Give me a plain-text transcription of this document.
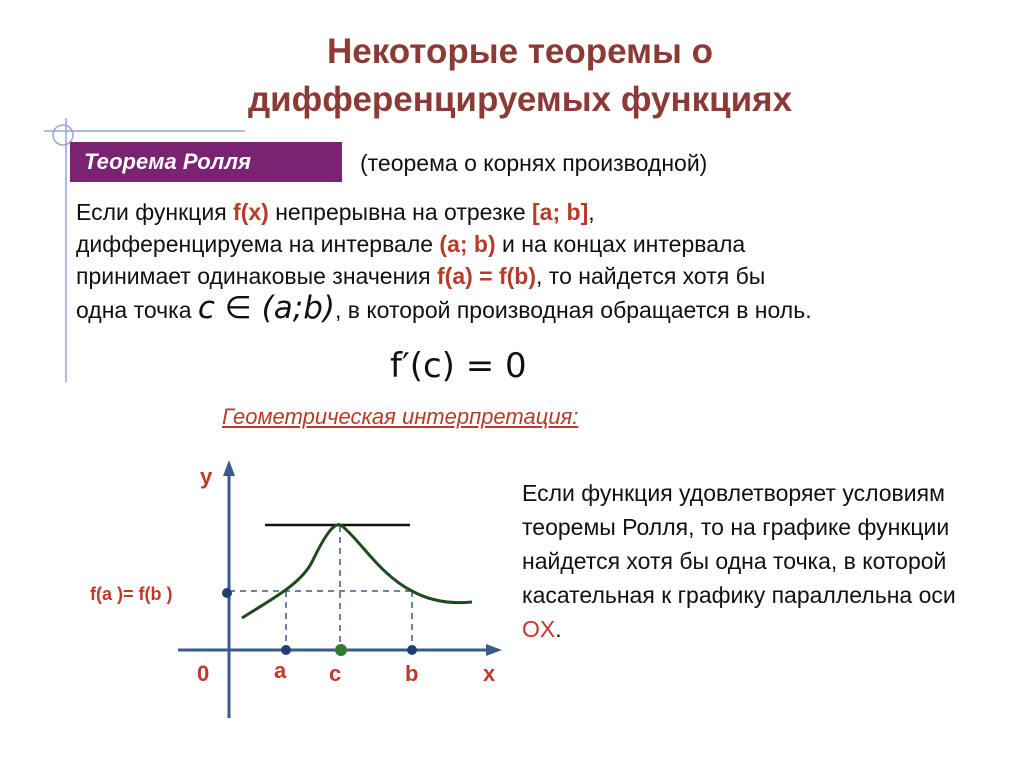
Некоторые теоремы о
дифференцируемых функциях
Теорема Ролля	(теорема о корнях производной)
Если функция f(x) непрерывна на отрезке [a; b],
дифференцируема на интервале (a; b) и на концах интервала
принимает одинаковые значения f(a) = f(b), то найдется хотя бы
одна точка c ∈ (a;b), в которой производная обращается в ноль.
f′(c) = 0
Геометрическая интерпретация:
y
x
0
f(a )= f(b )
a c	b
Если функция удовлетворяет условиям теоремы Ролля, то на графике функции найдется хотя бы одна точка, в которой касательная к графику параллельна оси OX.
